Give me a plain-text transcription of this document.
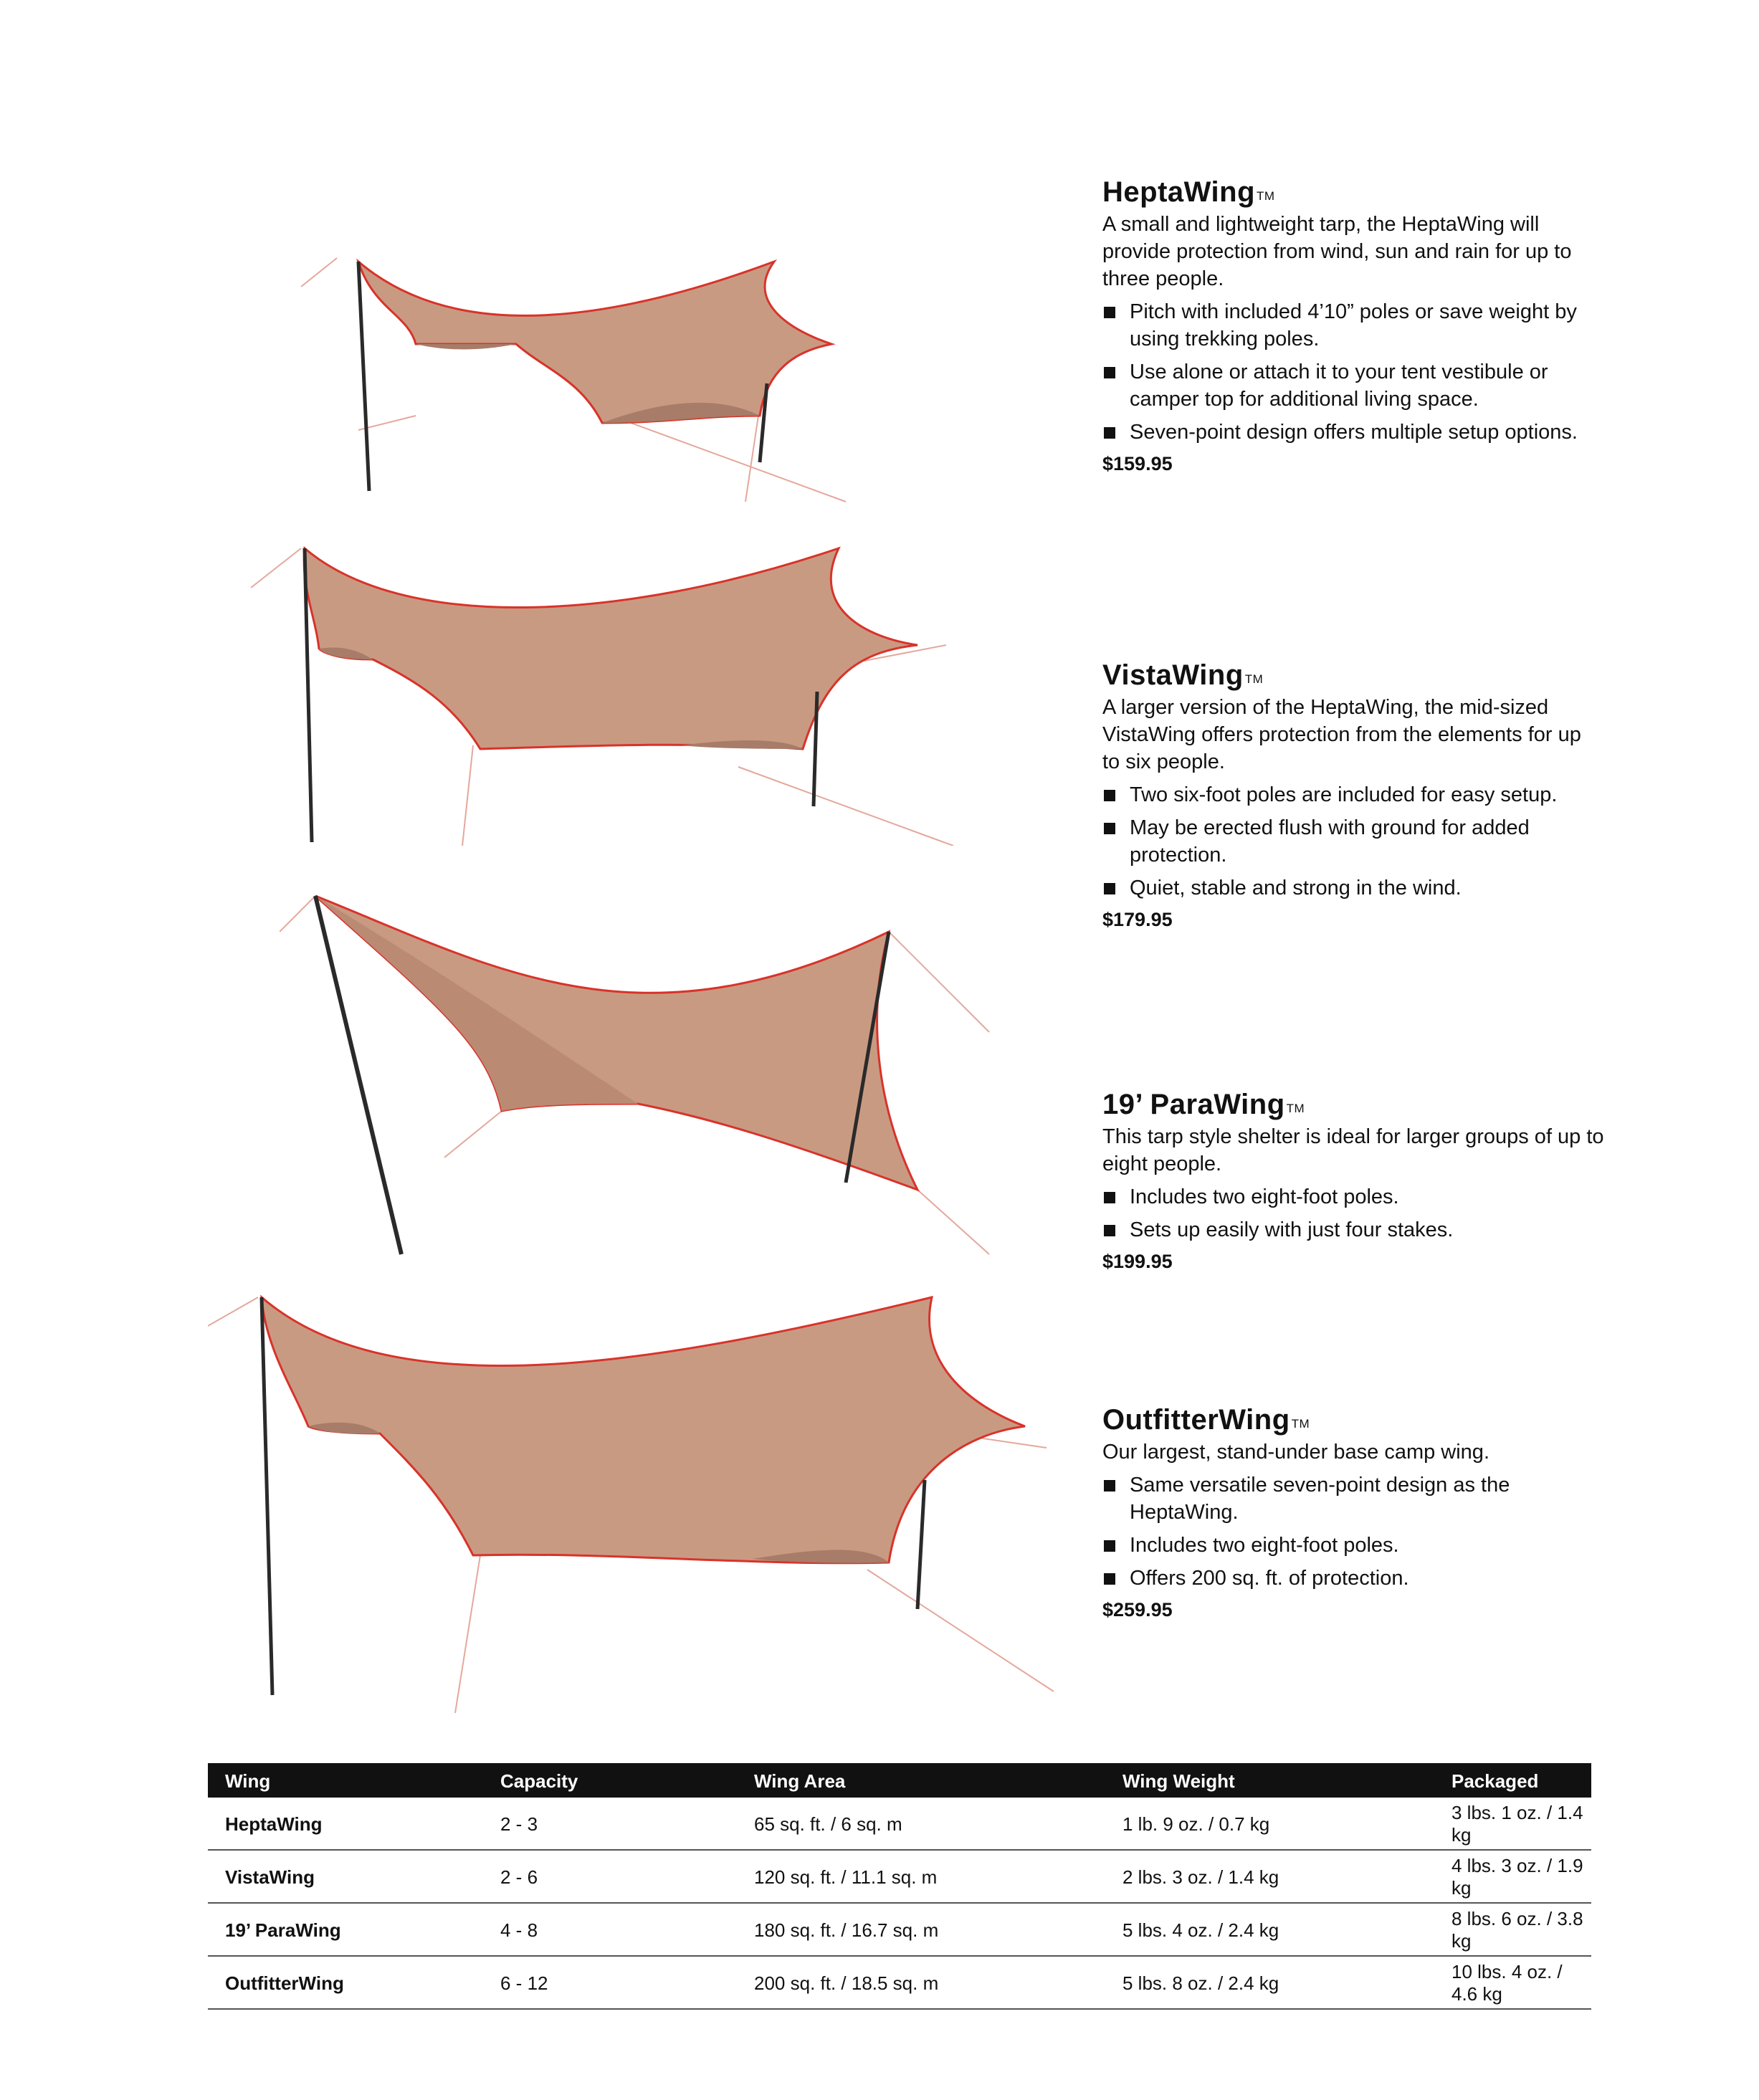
HeptaWing ™

A small and lightweight tarp, the HeptaWing will provide protection from wind, sun and rain for up to three people.

Pitch with included 4’10” poles or save weight by using trekking poles.
Use alone or attach it to your tent vestibule or camper top for additional living space.
Seven-point design offers multiple setup options.
$159.95
VistaWing ™

A larger version of the HeptaWing, the mid-sized VistaWing offers protection from the elements for up to six people.

Two six-foot poles are included for easy setup.
May be erected flush with ground for added protection.
Quiet, stable and strong in the wind.
$179.95
19’ ParaWing ™

This tarp style shelter is ideal for larger groups of up to eight people.

Includes two eight-foot poles.
Sets up easily with just four stakes.
$199.95
OutfitterWing ™

Our largest, stand-under base camp wing.

Same versatile seven-point design as the HeptaWing.
Includes two eight-foot poles.
Offers 200 sq. ft. of protection.
$259.95
Wing	Capacity	Wing Area	Wing Weight	Packaged
HeptaWing	2 - 3	65 sq. ft. / 6 sq. m	1 lb. 9 oz. / 0.7 kg	3 lbs. 1 oz. / 1.4 kg
VistaWing	2 - 6	120 sq. ft. / 11.1 sq. m	2 lbs. 3 oz. / 1.4 kg	4 lbs. 3 oz. / 1.9 kg
19’ ParaWing	4 - 8	180 sq. ft. / 16.7 sq. m	5 lbs. 4 oz. / 2.4 kg	8 lbs. 6 oz. / 3.8 kg
OutfitterWing	6 - 12	200 sq. ft. / 18.5 sq. m	5 lbs. 8 oz. / 2.4 kg	10 lbs. 4 oz. / 4.6 kg
